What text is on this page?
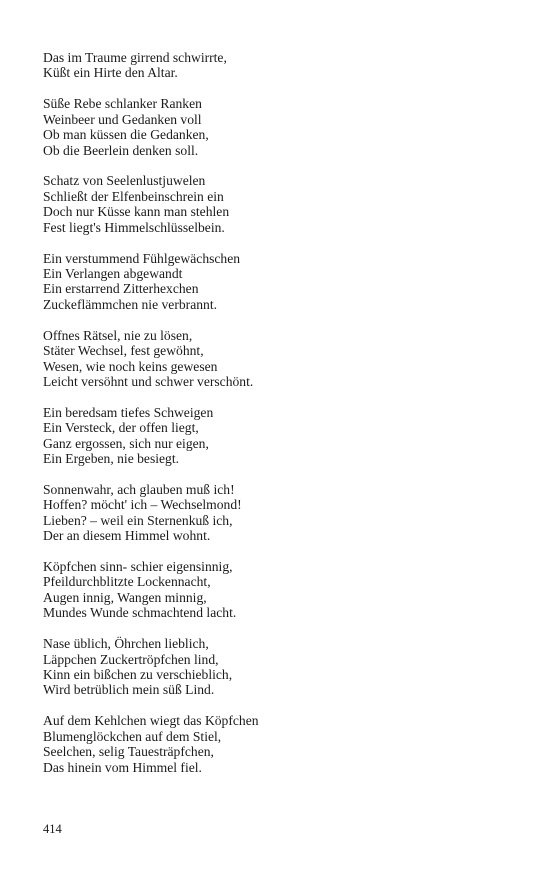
Das im Traume girrend schwirrte,
Küßt ein Hirte den Altar.
Süße Rebe schlanker Ranken
Weinbeer und Gedanken voll
Ob man küssen die Gedanken,
Ob die Beerlein denken soll.
Schatz von Seelenlustjuwelen
Schließt der Elfenbeinschrein ein
Doch nur Küsse kann man stehlen
Fest liegt's Himmelschlüsselbein.
Ein verstummend Fühlgewächschen
Ein Verlangen abgewandt
Ein erstarrend Zitterhexchen
Zuckeflämmchen nie verbrannt.
Offnes Rätsel, nie zu lösen,
Stäter Wechsel, fest gewöhnt,
Wesen, wie noch keins gewesen
Leicht versöhnt und schwer verschönt.
Ein beredsam tiefes Schweigen
Ein Versteck, der offen liegt,
Ganz ergossen, sich nur eigen,
Ein Ergeben, nie besiegt.
Sonnenwahr, ach glauben muß ich!
Hoffen? möcht' ich – Wechselmond!
Lieben? – weil ein Sternenkuß ich,
Der an diesem Himmel wohnt.
Köpfchen sinn- schier eigensinnig,
Pfeildurchblitzte Lockennacht,
Augen innig, Wangen minnig,
Mundes Wunde schmachtend lacht.
Nase üblich, Öhrchen lieblich,
Läppchen Zuckertröpfchen lind,
Kinn ein bißchen zu verschieblich,
Wird betrüblich mein süß Lind.
Auf dem Kehlchen wiegt das Köpfchen
Blumenglöckchen auf dem Stiel,
Seelchen, selig Tauesträpfchen,
Das hinein vom Himmel fiel.
414
